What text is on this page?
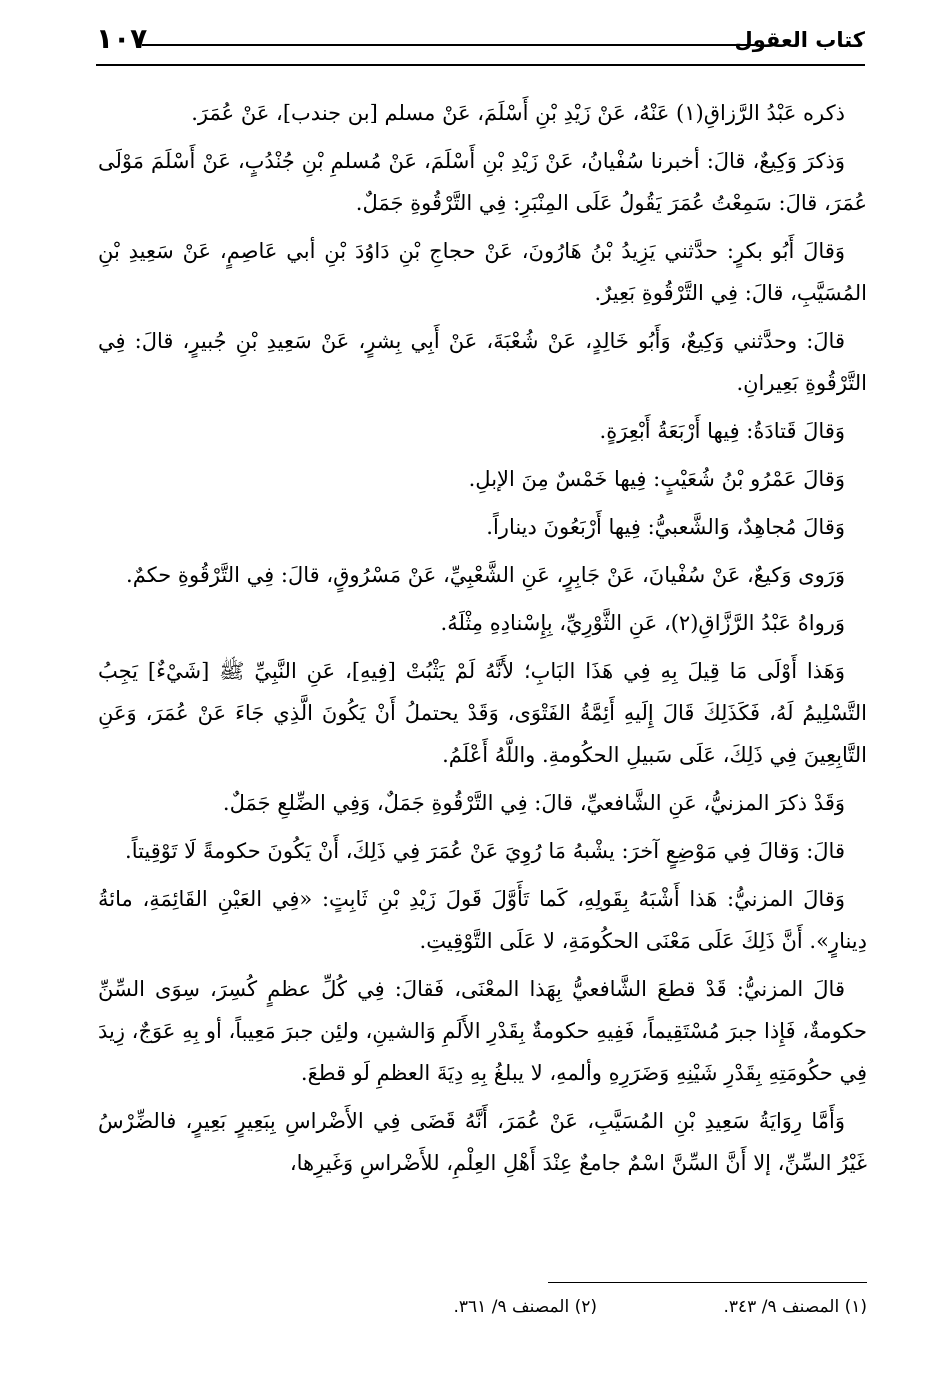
كتاب العقول
١٠٧

ذكره عَبْدُ الرَّزاقِ(١) عَنْهُ، عَنْ زَيْدِ بْنِ أَسْلَمَ، عَنْ مسلم [بن جندب]، عَنْ عُمَرَ.

وَذكرَ وَكِيعٌ، قالَ: أخبرنا سُفْيانُ، عَنْ زَيْدِ بْنِ أَسْلَمَ، عَنْ مُسلمِ بْنِ جُنْدُبٍ، عَنْ أَسْلَمَ مَوْلَى عُمَرَ، قالَ: سَمِعْتُ عُمَرَ يَقُولُ عَلَى المِنْبَرِ: فِي التَّرْقُوةِ جَمَلٌ.

وَقالَ أَبُو بكرٍ: حدَّثني يَزِيدُ بْنُ هَارُونَ، عَنْ حجاجِ بْنِ دَاوُدَ بْنِ أبي عَاصِمٍ، عَنْ سَعِيدِ بْنِ المُسَيَّبِ، قالَ: فِي التَّرْقُوةِ بَعِيرٌ.

قالَ: وحدَّثني وَكِيعٌ، وَأَبُو خَالِدٍ، عَنْ شُعْبَةَ، عَنْ أَبِي بِشرٍ، عَنْ سَعِيدِ بْنِ جُبيرٍ، قالَ: فِي التَّرْقُوةِ بَعِيرانِ.

وَقالَ قَتادَةُ: فِيها أَرْبَعَةُ أَبْعِرَةٍ.

وَقالَ عَمْرُو بْنُ شُعَيْبٍ: فِيها خَمْسٌ مِنَ الإبلِ.

وَقالَ مُجاهِدٌ، وَالشَّعبيُّ: فِيها أَرْبَعُونَ ديناراً.

وَرَوى وَكيعٌ، عَنْ سُفْيانَ، عَنْ جَابِرٍ، عَنِ الشَّعْبِيِّ، عَنْ مَسْرُوقٍ، قالَ: فِي التَّرْقُوةِ حكمٌ.

وَرواهُ عَبْدُ الرَّزَّاقِ(٢)، عَنِ الثَّوْرِيِّ، بِإِسْنادِهِ مِثْلَهُ.

وَهَذا أَوْلَى مَا قِيلَ بِهِ فِي هَذَا البَابِ؛ لأَنَّهُ لَمْ يَثْبُتْ [فِيهِ]، عَنِ النَّبِيِّ ﷺ [شَيْءٌ] يَجِبُ التَّسْلِيمُ لَهُ، فَكَذَلِكَ قَالَ إِلَيهِ أَئِمَّةُ الفَتْوَى، وَقَدْ يحتملُ أَنْ يَكُونَ الَّذِي جَاءَ عَنْ عُمَرَ، وَعَنِ التَّابِعِينَ فِي ذَلِكَ، عَلَى سَبيلِ الحكُومةِ. واللَّهُ أَعْلَمُ.

وَقَدْ ذكرَ المزنيُّ، عَنِ الشَّافعيِّ، قالَ: فِي التَّرْقُوةِ جَمَلٌ، وَفِي الضِّلعِ جَمَلٌ.

قالَ: وَقالَ فِي مَوْضِعٍ آخرَ: يشْبهُ مَا رُوِيَ عَنْ عُمَرَ فِي ذَلِكَ، أَنْ يَكُونَ حكومةً لَا تَوْقِيتاً.

وَقالَ المزنيُّ: هَذا أَشْبَهُ بِقَولِهِ، كَما تَأَوَّلَ قَولَ زَيْدِ بْنِ ثَابِتٍ: «فِي العَيْنِ القَائِمَةِ، مائةُ دِينارٍ». أَنَّ ذَلِكَ عَلَى مَعْنَى الحكُومَةِ، لا عَلَى التَّوْقِيتِ.

قالَ المزنيُّ: قَدْ قطعَ الشَّافعيُّ بِهَذا المعْنَى، فَقالَ: فِي كُلِّ عظمٍ كُسِرَ، سِوَى السِّنِّ حكومةٌ، فَإِذا جبرَ مُسْتَقِيماً، فَفِيهِ حكومةٌ بِقَدْرِ الأَلَمِ وَالشينِ، ولئِن جبرَ مَعِيباً، أو بِهِ عَوَجٌ، زِيدَ فِي حكُومَتِهِ بِقَدْرِ شَيْنِهِ وَضَرَرِهِ وألمهِ، لا يبلغُ بِهِ دِيَةَ العظمِ لَو قطعَ.

وَأَمَّا رِوَايَةُ سَعِيدِ بْنِ المُسَيَّبِ، عَنْ عُمَرَ، أَنَّهُ قَضَى فِي الأَضْراسِ بِبَعِيرٍ بَعِيرٍ، فالضِّرْسُ غَيْرُ السِّنِّ، إلا أَنَّ السِّنَّ اسْمٌ جامعٌ عِنْدَ أَهْلِ العِلْمِ، للأَضْراسِ وَغَيرِها،

(١) المصنف ٩/ ٣٤٣.
(٢) المصنف ٩/ ٣٦١.
